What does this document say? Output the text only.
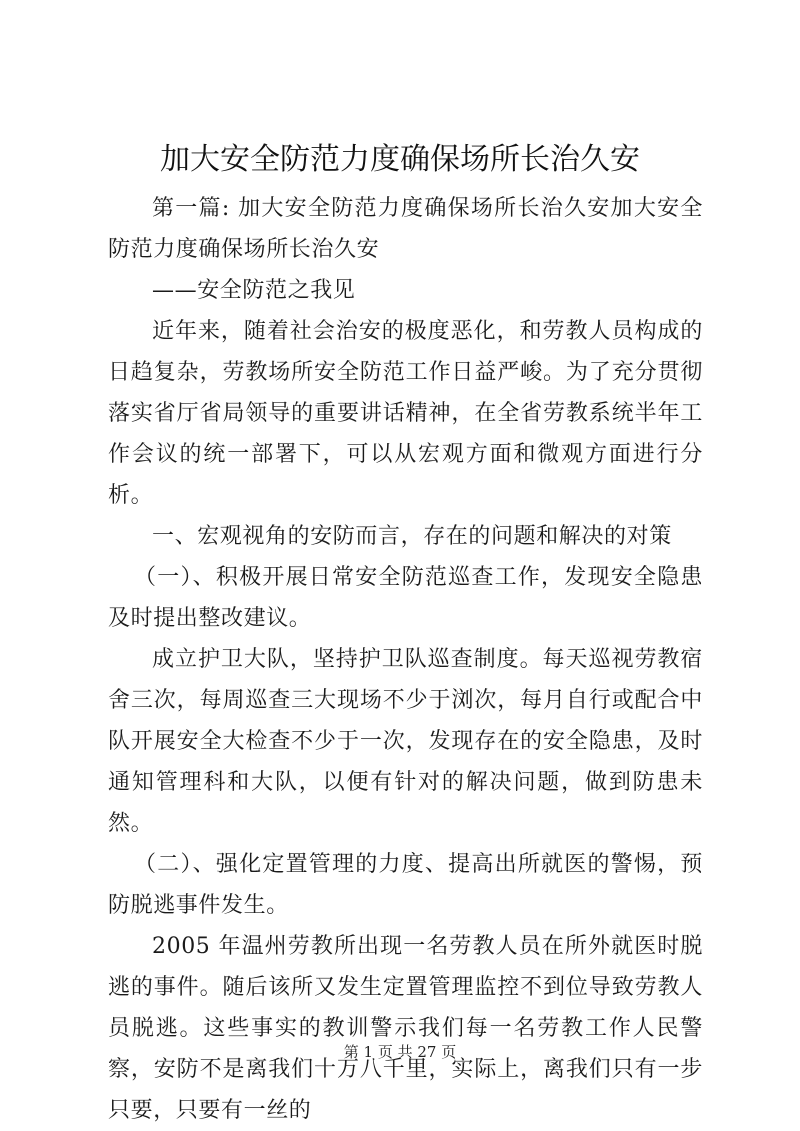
加大安全防范力度确保场所长治久安

第一篇: 加大安全防范力度确保场所长治久安加大安全防范力度确保场所长治久安

——安全防范之我见

近年来，随着社会治安的极度恶化，和劳教人员构成的日趋复杂，劳教场所安全防范工作日益严峻。为了充分贯彻落实省厅省局领导的重要讲话精神，在全省劳教系统半年工作会议的统一部署下，可以从宏观方面和微观方面进行分析。

一、宏观视角的安防而言，存在的问题和解决的对策

（一）、积极开展日常安全防范巡查工作，发现安全隐患及时提出整改建议。

成立护卫大队，坚持护卫队巡查制度。每天巡视劳教宿舍三次，每周巡查三大现场不少于浏次，每月自行或配合中队开展安全大检查不少于一次，发现存在的安全隐患，及时通知管理科和大队，以便有针对的解决问题，做到防患未然。

（二）、强化定置管理的力度、提高出所就医的警惕，预防脱逃事件发生。

2005 年温州劳教所出现一名劳教人员在所外就医时脱逃的事件。随后该所又发生定置管理监控不到位导致劳教人员脱逃。这些事实的教训警示我们每一名劳教工作人民警察，安防不是离我们十万八千里，实际上，离我们只有一步只要，只要有一丝的

第 1 页 共 27 页
